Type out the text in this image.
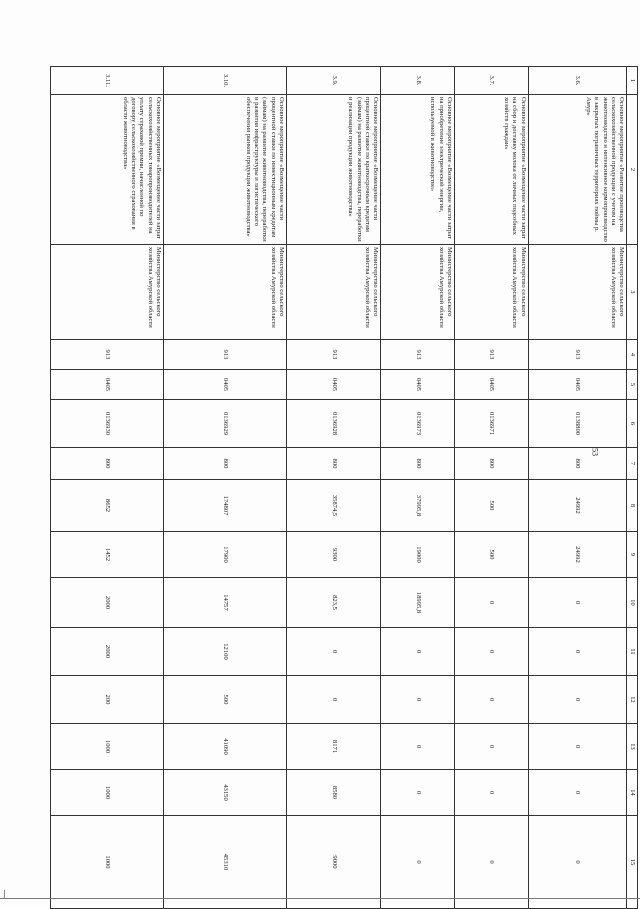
53
1	2	3	4	5	6	7	8	9	10	11	12	13	14	15
3.6.	Основное мероприятие «Развитие производства сельскохозяйственной продукции с учетом на животноводство и интенсивное кормопроизводство в закрытых пограничных территориях поймы р. Амур»	Министерство сельского хозяйства Амурской области	913	0405	0138800	800	24992	24992	0	0	0	0	0	0
3.7.	Основное мероприятие «Возмещение части затрат на сбор и доставку молока от личных подсобных хозяйств граждан»	Министерство сельского хозяйства Амурской области	913	0405	0136971	800	500	500	0	0	0	0	0	0
3.8.	Основное мероприятие «Возмещение части затрат на приобретение электрической энергии, используемой в животноводстве»	Министерство сельского хозяйства Амурской области	913	0405	0136973	800	37995,8	19000	18995,8	0	0	0	0	0
3.9.	Основное мероприятие «Возмещение части процентной ставки по краткосрочным кредитам (займам) на развитие животноводства, переработки и реализации продукции животноводства»	Министерство сельского хозяйства Амурской области	913	0405	0136928	800	35874,5	9300	823,5	0	0	8171	8580	9000
3.10.	Основное мероприятие «Возмещение части процентной ставки по инвестиционным кредитам (займам) на развитие животноводства, переработки и развития инфраструктуры и логистического обеспечения рынков продукции животноводства»	Министерство сельского хозяйства Амурской области	913	0405	0136929	800	174807	17900	14757	12100	500	41090	43150	45310
3.11.	Основное мероприятие «Возмещение части затрат сельскохозяйственных товаропроизводителей на уплату страховой премии, начисленной по договору сельскохозяйственного страхования в области животноводства»	Министерство сельского хозяйства Амурской области	913	0405	0136930	800	8652	1452	2000	2000	200	1000	1000	1000
